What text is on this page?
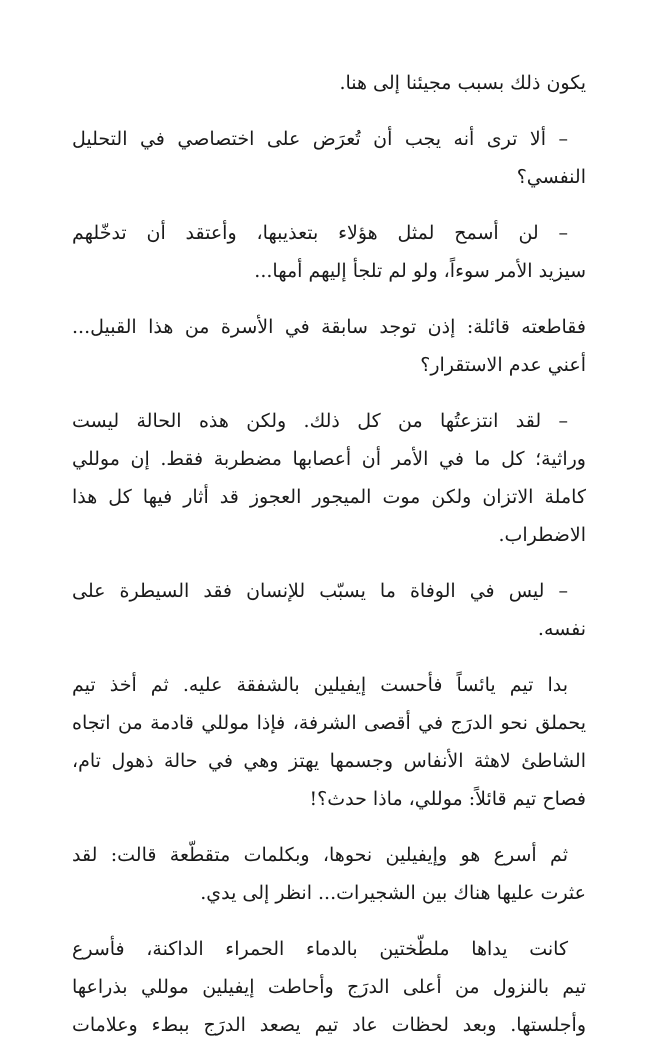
يكون ذلك بسبب مجيئنا إلى هنا.
– ألا ترى أنه يجب أن تُعرَض على اختصاصي في التحليل
النفسي؟
– لن أسمح لمثل هؤلاء بتعذيبها، وأعتقد أن تدخّلهم
سيزيد الأمر سوءاً، ولو لم تلجأ إليهم أمها...
فقاطعته قائلة: إذن توجد سابقة في الأسرة من هذا القبيل...
أعني عدم الاستقرار؟
– لقد انتزعتُها من كل ذلك. ولكن هذه الحالة ليست
وراثية؛ كل ما في الأمر أن أعصابها مضطربة فقط. إن موللي
كاملة الاتزان ولكن موت الميجور العجوز قد أثار فيها كل هذا
الاضطراب.
– ليس في الوفاة ما يسبّب للإنسان فقد السيطرة على
نفسه.
بدا تيم يائساً فأحست إيفيلين بالشفقة عليه. ثم أخذ تيم
يحملق نحو الدرَج في أقصى الشرفة، فإذا موللي قادمة من اتجاه
الشاطئ لاهثة الأنفاس وجسمها يهتز وهي في حالة ذهول تام،
فصاح تيم قائلاً: موللي، ماذا حدث؟!
ثم أسرع هو وإيفيلين نحوها، وبكلمات متقطّعة قالت: لقد
عثرت عليها هناك بين الشجيرات... انظر إلى يدي.
كانت يداها ملطّختين بالدماء الحمراء الداكنة، فأسرع
تيم بالنزول من أعلى الدرَج وأحاطت إيفيلين موللي بذراعها
وأجلستها. وبعد لحظات عاد تيم يصعد الدرَج ببطء وعلامات
